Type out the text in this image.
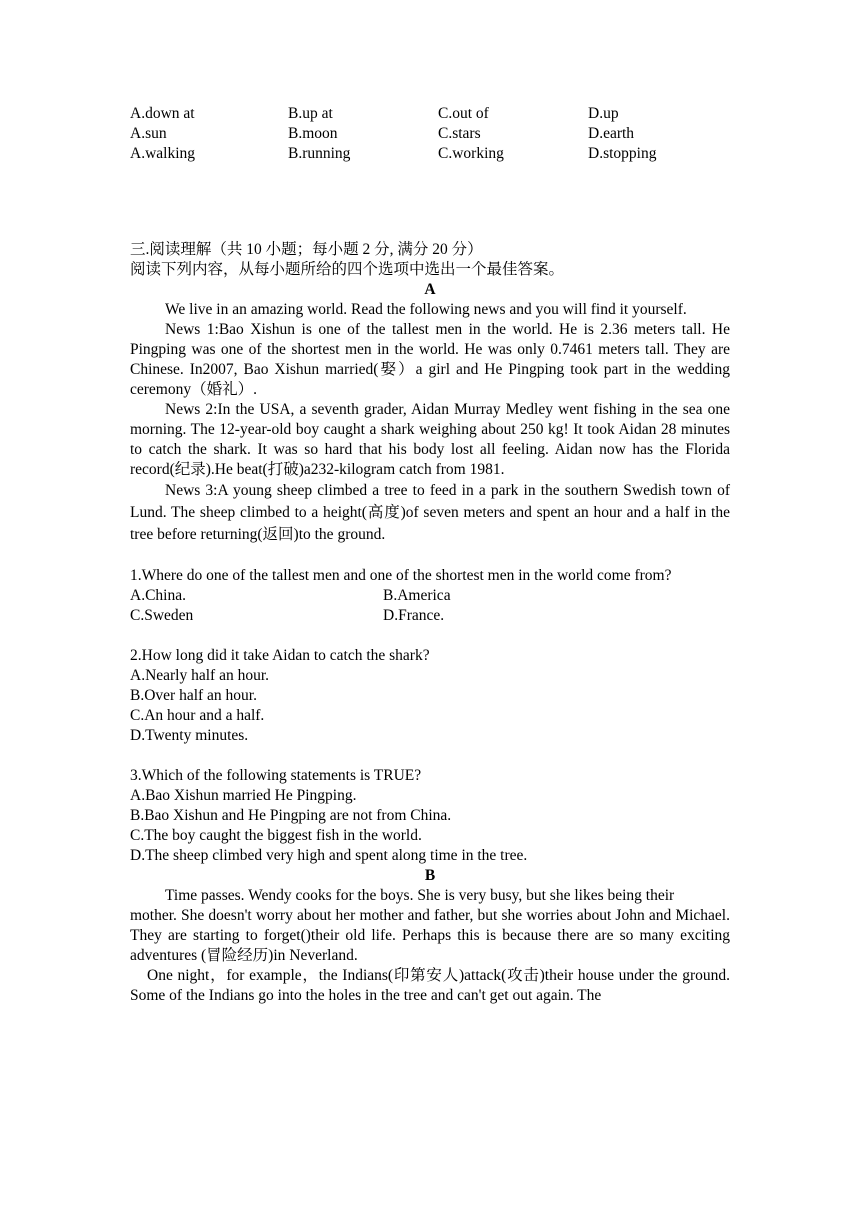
A.down at	B.up at	C.out of	D.up
A.sun	B.moon	C.stars	D.earth
A.walking	B.running	C.working	D.stopping
三.阅读理解（共 10 小题；每小题 2 分, 满分 20 分）
阅读下列内容，从每小题所给的四个选项中选出一个最佳答案。
A

We live in an amazing world. Read the following news and you will find it yourself.

News 1:Bao Xishun is one of the tallest men in the world. He is 2.36 meters tall. He Pingping was one of the shortest men in the world. He was only 0.7461 meters tall. They are Chinese. In2007, Bao Xishun married(娶）a girl and He Pingping took part in the wedding ceremony（婚礼）.

News 2:In the USA, a seventh grader, Aidan Murray Medley went fishing in the sea one morning. The 12-year-old boy caught a shark weighing about 250 kg! It took Aidan 28 minutes to catch the shark. It was so hard that his body lost all feeling. Aidan now has the Florida record(纪录).He beat(打破)a232-kilogram catch from 1981.

News 3:A young sheep climbed a tree to feed in a park in the southern Swedish town of Lund. The sheep climbed to a height(高度)of seven meters and spent an hour and a half in the tree before returning(返回)to the ground.

1.Where do one of the tallest men and one of the shortest men in the world come from?

A.China.	B.America
C.Sweden	D.France.
2.How long did it take Aidan to catch the shark?
A.Nearly half an hour.
B.Over half an hour.
C.An hour and a half.
D.Twenty minutes.
3.Which of the following statements is TRUE?
A.Bao Xishun married He Pingping.
B.Bao Xishun and He Pingping are not from China.
C.The boy caught the biggest fish in the world.
D.The sheep climbed very high and spent along time in the tree.
B

Time passes. Wendy cooks for the boys. She is very busy, but she likes being their

mother. She doesn't worry about her mother and father, but she worries about John and Michael. They are starting to forget()their old life. Perhaps this is because there are so many exciting adventures (冒险经历)in Neverland.

One night，for example，the Indians(印第安人)attack(攻击)their house under the ground. Some of the Indians go into the holes in the tree and can't get out again. The
